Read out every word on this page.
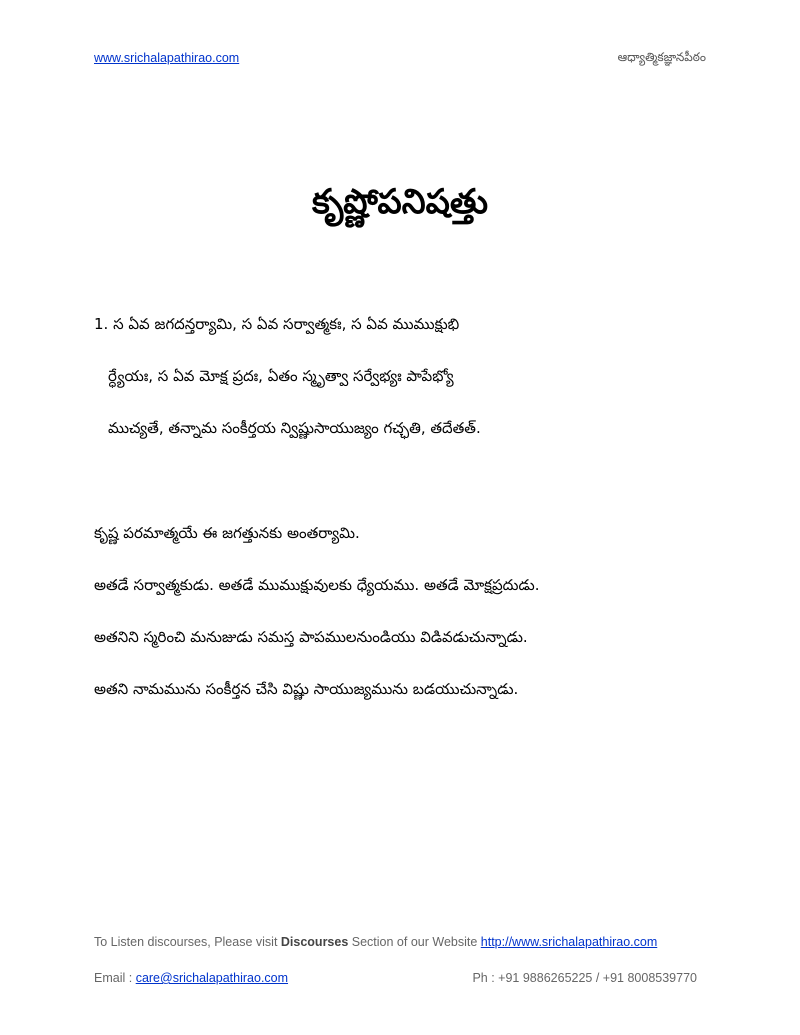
www.srichalapathirao.com	ఆధ్యాత్మికజ్ఞానపీఠం
కృష్ణోపనిషత్తు
1. స ఏవ జగదన్తర్యామి, స ఏవ సర్వాత్మకః, స ఏవ ముముక్షుభి
ర్ధ్యేయః, స ఏవ మోక్ష ప్రదః, ఏతం స్మృత్వా సర్వేభ్యః పాపేభ్యో
ముచ్యతే, తన్నామ సంకీర్తయ న్విష్ణుసాయుజ్యం గచ్ఛతి, తదేతత్.
కృష్ణ పరమాత్మయే ఈ జగత్తునకు అంతర్యామి.
అతడే సర్వాత్మకుడు. అతడే ముముక్షువులకు ధ్యేయము. అతడే మోక్షప్రదుడు.
అతనిని స్మరించి మనుజుడు సమస్త పాపములనుండియు విడివడుచున్నాడు.
అతని నామమును సంకీర్తన చేసి విష్ణు సాయుజ్యమును బడయుచున్నాడు.
To Listen discourses, Please visit Discourses Section of our Website http://www.srichalapathirao.com
Email : care@srichalapathirao.com	Ph : +91 9886265225 / +91 8008539770
